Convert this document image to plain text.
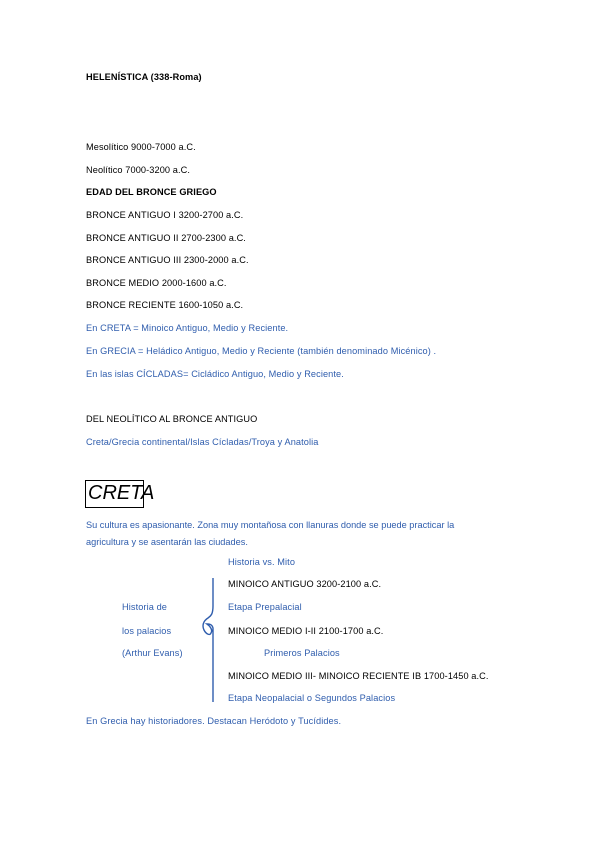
HELENÍSTICA (338-Roma)
Mesolítico 9000-7000 a.C.
Neolítico 7000-3200 a.C.
EDAD DEL BRONCE GRIEGO
BRONCE ANTIGUO I 3200-2700 a.C.
BRONCE ANTIGUO II 2700-2300 a.C.
BRONCE ANTIGUO III 2300-2000 a.C.
BRONCE MEDIO 2000-1600 a.C.
BRONCE RECIENTE 1600-1050 a.C.
En CRETA = Minoico Antiguo, Medio y Reciente.
En GRECIA = Heládico Antiguo, Medio y Reciente (también denominado Micénico) .
En las islas CÍCLADAS= Cicládico Antiguo, Medio y Reciente.
DEL NEOLÍTICO AL BRONCE ANTIGUO
Creta/Grecia continental/Islas Cícladas/Troya y Anatolia
CRETA
Su cultura es apasionante. Zona muy montañosa con llanuras donde se puede practicar la agricultura y se asentarán las ciudades.
Historia vs. Mito
Historia de
los palacios
(Arthur Evans)
MINOICO ANTIGUO 3200-2100 a.C.
Etapa Prepalacial
MINOICO MEDIO I-II 2100-1700 a.C.
Primeros Palacios
MINOICO MEDIO III- MINOICO RECIENTE IB 1700-1450 a.C.
Etapa Neopalacial o Segundos Palacios
En Grecia hay historiadores. Destacan Heródoto y Tucídides.
